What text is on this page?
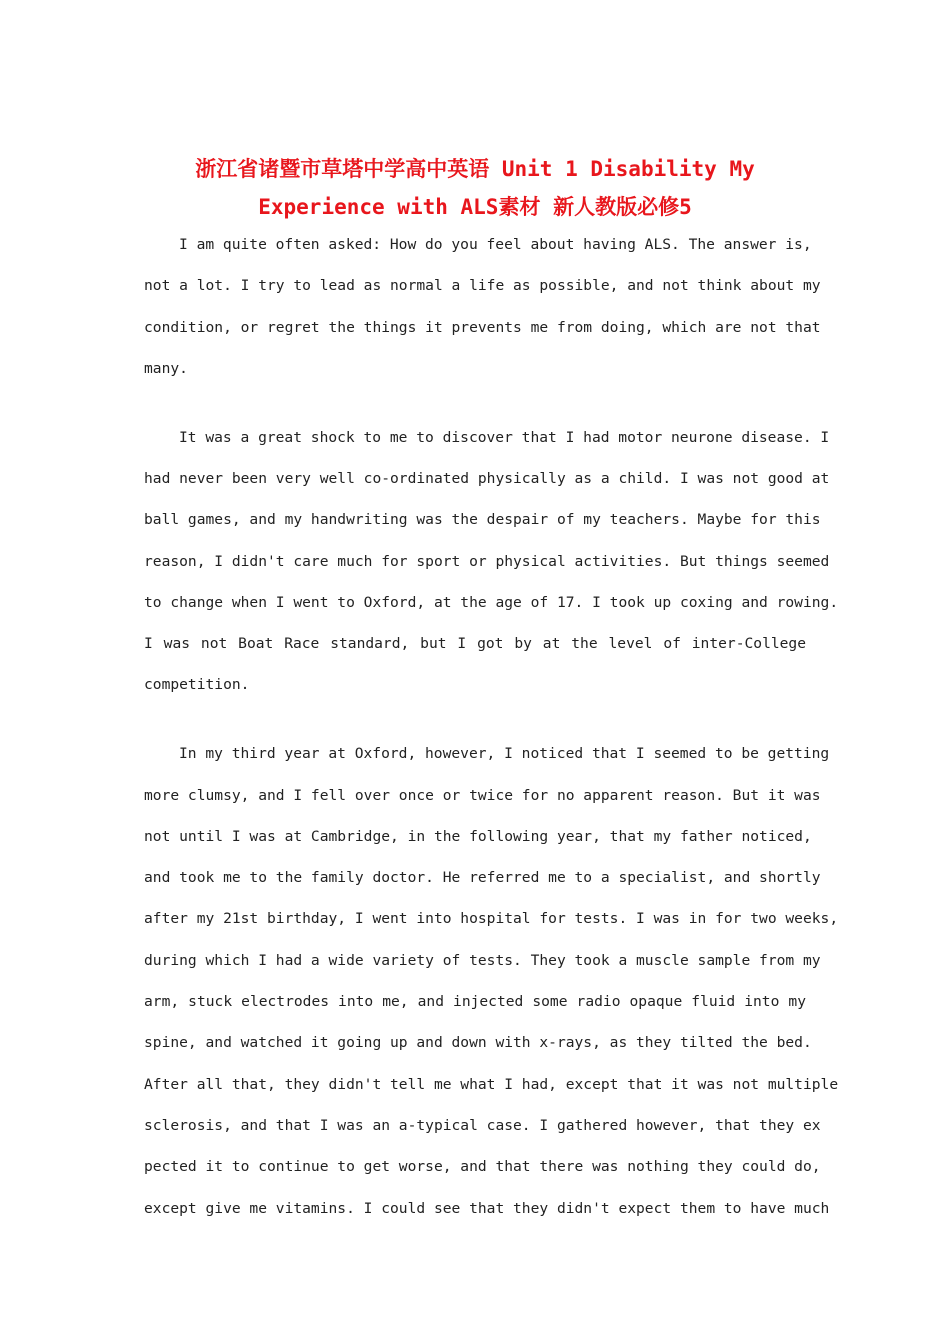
浙江省诸暨市草塔中学高中英语 Unit 1 Disability My
Experience with ALS素材 新人教版必修5

I am quite often asked: How do you feel about having ALS. The answer is,
not a lot. I try to lead as normal a life as possible, and not think about my
condition, or regret the things it prevents me from doing, which are not that
many.

It was a great shock to me to discover that I had motor neurone disease. I
had never been very well co-ordinated physically as a child. I was not good at
ball games, and my handwriting was the despair of my teachers. Maybe for this
reason, I didn't care much for sport or physical activities. But things seemed
to change when I went to Oxford, at the age of 17. I took up coxing and rowing.
I was not Boat Race standard, but I got by at the level of inter-College
competition.

In my third year at Oxford, however, I noticed that I seemed to be getting
more clumsy, and I fell over once or twice for no apparent reason. But it was
not until I was at Cambridge, in the following year, that my father noticed,
and took me to the family doctor. He referred me to a specialist, and shortly
after my 21st birthday, I went into hospital for tests. I was in for two weeks,
during which I had a wide variety of tests. They took a muscle sample from my
arm, stuck electrodes into me, and injected some radio opaque fluid into my
spine, and watched it going up and down with x-rays, as they tilted the bed.
After all that, they didn't tell me what I had, except that it was not multiple
sclerosis, and that I was an a-typical case. I gathered however, that they ex
pected it to continue to get worse, and that there was nothing they could do,
except give me vitamins. I could see that they didn't expect them to have much
